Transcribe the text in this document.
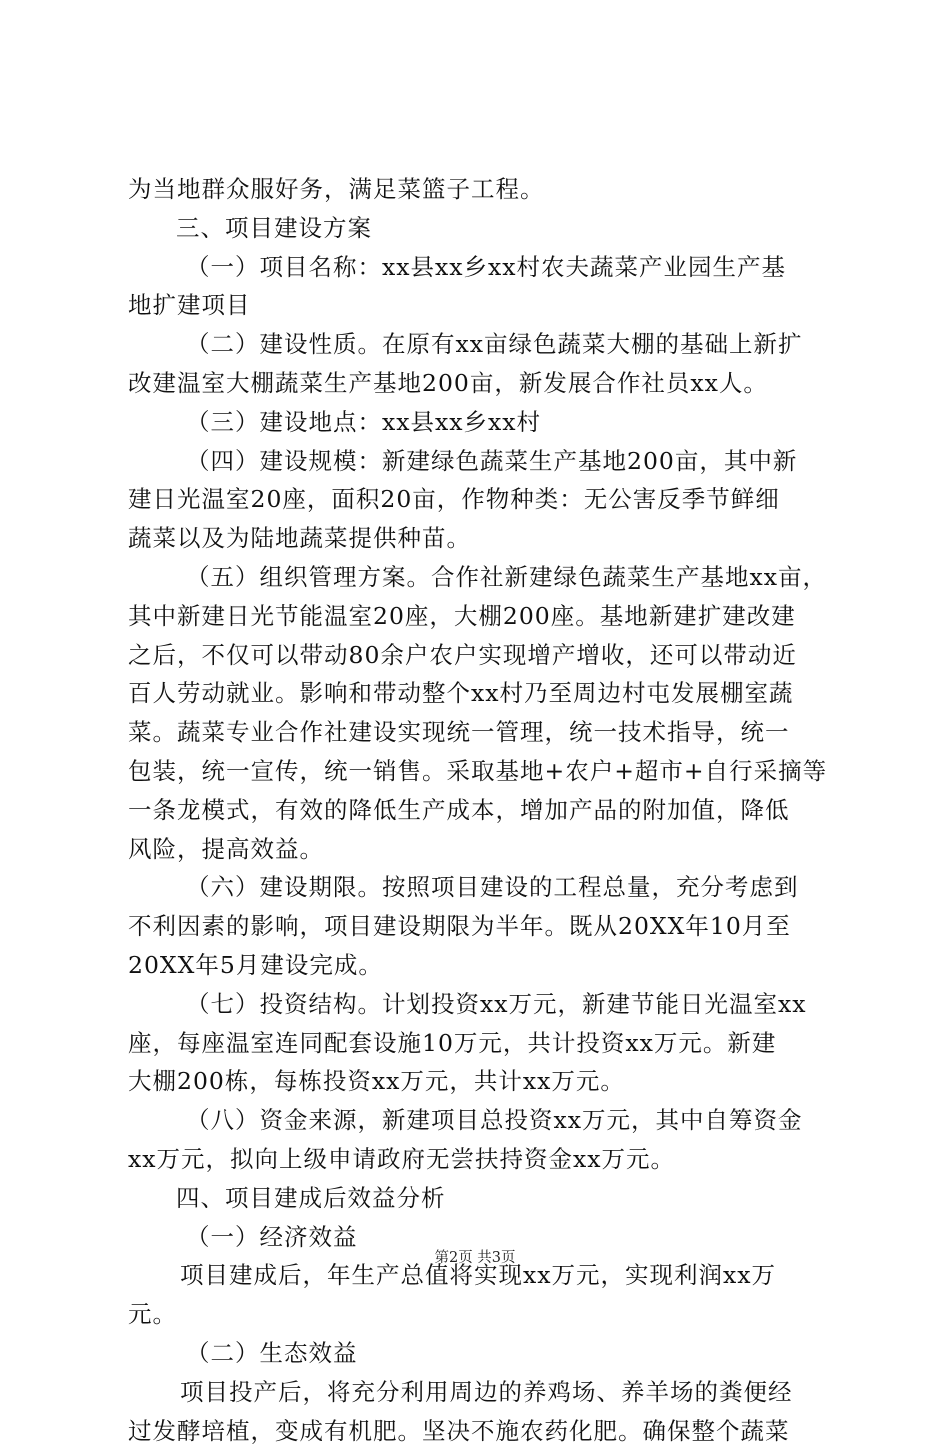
为当地群众服好务，满足菜篮子工程。
三、项目建设方案
（一）项目名称：xx县xx乡xx村农夫蔬菜产业园生产基
地扩建项目
（二）建设性质。在原有xx亩绿色蔬菜大棚的基础上新扩
改建温室大棚蔬菜生产基地200亩，新发展合作社员xx人。
（三）建设地点：xx县xx乡xx村
（四）建设规模：新建绿色蔬菜生产基地200亩，其中新
建日光温室20座，面积20亩，作物种类：无公害反季节鲜细
蔬菜以及为陆地蔬菜提供种苗。
（五）组织管理方案。合作社新建绿色蔬菜生产基地xx亩，
其中新建日光节能温室20座，大棚200座。基地新建扩建改建
之后，不仅可以带动80余户农户实现增产增收，还可以带动近
百人劳动就业。影响和带动整个xx村乃至周边村屯发展棚室蔬
菜。蔬菜专业合作社建设实现统一管理，统一技术指导，统一
包装，统一宣传，统一销售。采取基地+农户+超市+自行采摘等
一条龙模式，有效的降低生产成本，增加产品的附加值，降低
风险，提高效益。
（六）建设期限。按照项目建设的工程总量，充分考虑到
不利因素的影响，项目建设期限为半年。既从20XX年10月至
20XX年5月建设完成。
（七）投资结构。计划投资xx万元，新建节能日光温室xx
座，每座温室连同配套设施10万元，共计投资xx万元。新建
大棚200栋，每栋投资xx万元，共计xx万元。
（八）资金来源，新建项目总投资xx万元，其中自筹资金
xx万元，拟向上级申请政府无尝扶持资金xx万元。
四、项目建成后效益分析
（一）经济效益
项目建成后，年生产总值将实现xx万元，实现利润xx万
元。
（二）生态效益
项目投产后，将充分利用周边的养鸡场、养羊场的粪便经
过发酵培植，变成有机肥。坚决不施农药化肥。确保整个蔬菜
第2页 共3页
